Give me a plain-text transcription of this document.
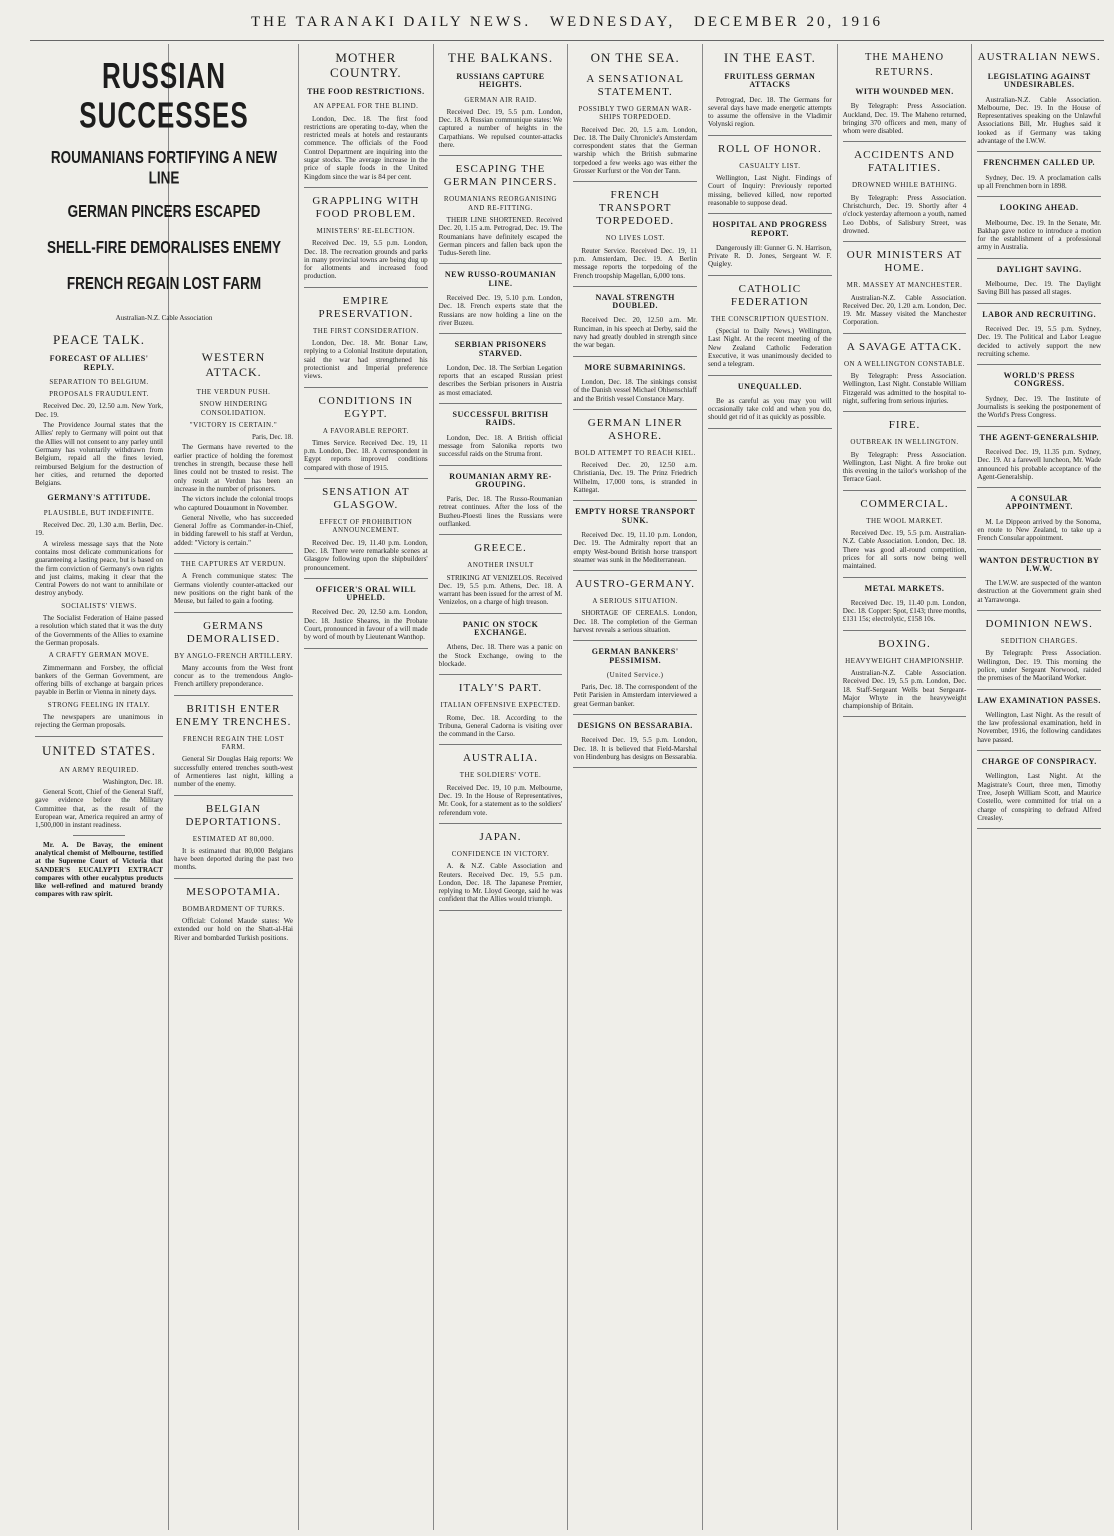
THE TARANAKI DAILY NEWS. WEDNESDAY, DECEMBER 20, 1916
RUSSIAN SUCCESSES
ROUMANIANS FORTIFYING A NEW LINE
GERMAN PINCERS ESCAPED
SHELL-FIRE DEMORALISES ENEMY
FRENCH REGAIN LOST FARM
Australian-N.Z. Cable Association
PEACE TALK.
FORECAST OF ALLIES' REPLY.
SEPARATION TO BELGIUM.
PROPOSALS FRAUDULENT.

Received Dec. 20, 12.50 a.m. New York, Dec. 19.

The Providence Journal states that the Allies' reply to Germany will point out that the Allies will not consent to any parley until Germany has voluntarily withdrawn from Belgium, repaid all the fines levied, reimbursed Belgium for the destruction of her cities, and returned the deported Belgians.

GERMANY'S ATTITUDE.
PLAUSIBLE, BUT INDEFINITE.

Received Dec. 20, 1.30 a.m. Berlin, Dec. 19.

A wireless message says that the Note contains most delicate communications for guaranteeing a lasting peace, but is based on the firm conviction of Germany's own rights and just claims, making it clear that the Central Powers do not want to annihilate or destroy anybody.

SOCIALISTS' VIEWS.

The Socialist Federation of Haine passed a resolution which stated that it was the duty of the Governments of the Allies to examine the German proposals.

A CRAFTY GERMAN MOVE.

Zimmermann and Forsbey, the official bankers of the German Government, are offering bills of exchange at bargain prices payable in Berlin or Vienna in ninety days.

STRONG FEELING IN ITALY.

The newspapers are unanimous in rejecting the German proposals.

UNITED STATES.
AN ARMY REQUIRED.

Washington, Dec. 18.

General Scott, Chief of the General Staff, gave evidence before the Military Committee that, as the result of the European war, America required an army of 1,500,000 in instant readiness.

Mr. A. De Bavay, the eminent analytical chemist of Melbourne, testified at the Supreme Court of Victoria that SANDER'S EUCALYPTI EXTRACT compares with other eucalyptus products like well-refined and matured brandy compares with raw spirit.

WESTERN ATTACK.
THE VERDUN PUSH.
SNOW HINDERING CONSOLIDATION.
"VICTORY IS CERTAIN."

Paris, Dec. 18.

The Germans have reverted to the earlier practice of holding the foremost trenches in strength, because these hell lines could not be trusted to resist. The only result at Verdun has been an increase in the number of prisoners.

The victors include the colonial troops who captured Douaumont in November.

General Nivelle, who has succeeded General Joffre as Commander-in-Chief, in bidding farewell to his staff at Verdun, added: "Victory is certain."

THE CAPTURES AT VERDUN.

A French communique states: The Germans violently counter-attacked our new positions on the right bank of the Meuse, but failed to gain a footing.

GERMANS DEMORALISED.
BY ANGLO-FRENCH ARTILLERY.

Many accounts from the West front concur as to the tremendous Anglo-French artillery preponderance.

BRITISH ENTER ENEMY TRENCHES.
FRENCH REGAIN THE LOST FARM.

General Sir Douglas Haig reports: We successfully entered trenches south-west of Armentieres last night, killing a number of the enemy.

BELGIAN DEPORTATIONS.
ESTIMATED AT 80,000.

It is estimated that 80,000 Belgians have been deported during the past two months.

MESOPOTAMIA.
BOMBARDMENT OF TURKS.

Official: Colonel Maude states: We extended our hold on the Shatt-al-Hai River and bombarded Turkish positions.

MOTHER COUNTRY.
THE FOOD RESTRICTIONS.
AN APPEAL FOR THE BLIND.

London, Dec. 18. The first food restrictions are operating to-day, when the restricted meals at hotels and restaurants commence. The officials of the Food Control Department are inquiring into the sugar stocks. The average increase in the price of staple foods in the United Kingdom since the war is 84 per cent.

GRAPPLING WITH FOOD PROBLEM.
MINISTERS' RE-ELECTION.

Received Dec. 19, 5.5 p.m. London, Dec. 18. The recreation grounds and parks in many provincial towns are being dug up for allotments and increased food production.

EMPIRE PRESERVATION.
THE FIRST CONSIDERATION.

London, Dec. 18. Mr. Bonar Law, replying to a Colonial Institute deputation, said the war had strengthened his protectionist and Imperial preference views.

CONDITIONS IN EGYPT.
A FAVORABLE REPORT.

Times Service. Received Dec. 19, 11 p.m. London, Dec. 18. A correspondent in Egypt reports improved conditions compared with those of 1915.

SENSATION AT GLASGOW.
EFFECT OF PROHIBITION ANNOUNCEMENT.

Received Dec. 19, 11.40 p.m. London, Dec. 18. There were remarkable scenes at Glasgow following upon the shipbuilders' pronouncement.

OFFICER'S ORAL WILL UPHELD.

Received Dec. 20, 12.50 a.m. London, Dec. 18. Justice Sheares, in the Probate Court, pronounced in favour of a will made by word of mouth by Lieutenant Wanthop.

THE BALKANS.
RUSSIANS CAPTURE HEIGHTS.
GERMAN AIR RAID.

Received Dec. 19, 5.5 p.m. London, Dec. 18. A Russian communique states: We captured a number of heights in the Carpathians. We repulsed counter-attacks there.

ESCAPING THE GERMAN PINCERS.
ROUMANIANS REORGANISING AND RE-FITTING.

THEIR LINE SHORTENED. Received Dec. 20, 1.15 a.m. Petrograd, Dec. 19. The Roumanians have definitely escaped the German pincers and fallen back upon the Tudus-Sereth line.

NEW RUSSO-ROUMANIAN LINE.

Received Dec. 19, 5.10 p.m. London, Dec. 18. French experts state that the Russians are now holding a line on the river Buzeu.

SERBIAN PRISONERS STARVED.

London, Dec. 18. The Serbian Legation reports that an escaped Russian priest describes the Serbian prisoners in Austria as most emaciated.

SUCCESSFUL BRITISH RAIDS.

London, Dec. 18. A British official message from Salonika reports two successful raids on the Struma front.

ROUMANIAN ARMY RE-GROUPING.

Paris, Dec. 18. The Russo-Roumanian retreat continues. After the loss of the Buzheu-Ploesti lines the Russians were outflanked.

GREECE.
ANOTHER INSULT

STRIKING AT VENIZELOS. Received Dec. 19, 5.5 p.m. Athens, Dec. 18. A warrant has been issued for the arrest of M. Venizelos, on a charge of high treason.

PANIC ON STOCK EXCHANGE.

Athens, Dec. 18. There was a panic on the Stock Exchange, owing to the blockade.

ITALY'S PART.
ITALIAN OFFENSIVE EXPECTED.

Rome, Dec. 18. According to the Tribuna, General Cadorna is visiting over the command in the Carso.

AUSTRALIA.
THE SOLDIERS' VOTE.

Received Dec. 19, 10 p.m. Melbourne, Dec. 19. In the House of Representatives, Mr. Cook, for a statement as to the soldiers' referendum vote.

JAPAN.
CONFIDENCE IN VICTORY.

A. & N.Z. Cable Association and Reuters. Received Dec. 19, 5.5 p.m. London, Dec. 18. The Japanese Premier, replying to Mr. Lloyd George, said he was confident that the Allies would triumph.

ON THE SEA.
A SENSATIONAL STATEMENT.
POSSIBLY TWO GERMAN WAR-SHIPS TORPEDOED.

Received Dec. 20, 1.5 a.m. London, Dec. 18. The Daily Chronicle's Amsterdam correspondent states that the German warship which the British submarine torpedoed a few weeks ago was either the Grosser Kurfurst or the Von der Tann.

FRENCH TRANSPORT TORPEDOED.
NO LIVES LOST.

Reuter Service. Received Dec. 19, 11 p.m. Amsterdam, Dec. 19. A Berlin message reports the torpedoing of the French troopship Magellan, 6,000 tons.

NAVAL STRENGTH DOUBLED.

Received Dec. 20, 12.50 a.m. Mr. Runciman, in his speech at Derby, said the navy had greatly doubled in strength since the war began.

MORE SUBMARININGS.

London, Dec. 18. The sinkings consist of the Danish vessel Michael Ohlsenschlaff and the British vessel Constance Mary.

GERMAN LINER ASHORE.
BOLD ATTEMPT TO REACH KIEL.

Received Dec. 20, 12.50 a.m. Christiania, Dec. 19. The Prinz Friedrich Wilhelm, 17,000 tons, is stranded in Kattegat.

EMPTY HORSE TRANSPORT SUNK.

Received Dec. 19, 11.10 p.m. London, Dec. 19. The Admiralty report that an empty West-bound British horse transport steamer was sunk in the Mediterranean.

AUSTRO-GERMANY.
A SERIOUS SITUATION.

SHORTAGE OF CEREALS. London, Dec. 18. The completion of the German harvest reveals a serious situation.

GERMAN BANKERS' PESSIMISM.
(United Service.)

Paris, Dec. 18. The correspondent of the Petit Parisien in Amsterdam interviewed a great German banker.

DESIGNS ON BESSARABIA.

Received Dec. 19, 5.5 p.m. London, Dec. 18. It is believed that Field-Marshal von Hindenburg has designs on Bessarabia.

IN THE EAST.
FRUITLESS GERMAN ATTACKS

Petrograd, Dec. 18. The Germans for several days have made energetic attempts to assume the offensive in the Vladimir Volynski region.

ROLL OF HONOR.
CASUALTY LIST.

Wellington, Last Night. Findings of Court of Inquiry: Previously reported missing, believed killed, now reported reasonable to suppose dead.

HOSPITAL AND PROGRESS REPORT.

Dangerously ill: Gunner G. N. Harrison, Private R. D. Jones, Sergeant W. F. Quigley.

CATHOLIC FEDERATION
THE CONSCRIPTION QUESTION.

(Special to Daily News.) Wellington, Last Night. At the recent meeting of the New Zealand Catholic Federation Executive, it was unanimously decided to send a telegram.

UNEQUALLED.

Be as careful as you may you will occasionally take cold and when you do, should get rid of it as quickly as possible.

THE MAHENO RETURNS.
WITH WOUNDED MEN.

By Telegraph: Press Association. Auckland, Dec. 19. The Maheno returned, bringing 370 officers and men, many of whom were disabled.

ACCIDENTS AND FATALITIES.
DROWNED WHILE BATHING.

By Telegraph: Press Association. Christchurch, Dec. 19. Shortly after 4 o'clock yesterday afternoon a youth, named Leo Dobbs, of Salisbury Street, was drowned.

OUR MINISTERS AT HOME.
MR. MASSEY AT MANCHESTER.

Australian-N.Z. Cable Association. Received Dec. 20, 1.20 a.m. London, Dec. 19. Mr. Massey visited the Manchester Corporation.

A SAVAGE ATTACK.
ON A WELLINGTON CONSTABLE.

By Telegraph: Press Association. Wellington, Last Night. Constable William Fitzgerald was admitted to the hospital to-night, suffering from serious injuries.

FIRE.
OUTBREAK IN WELLINGTON.

By Telegraph: Press Association. Wellington, Last Night. A fire broke out this evening in the tailor's workshop of the Terrace Gaol.

COMMERCIAL.
THE WOOL MARKET.

Received Dec. 19, 5.5 p.m. Australian-N.Z. Cable Association. London, Dec. 18. There was good all-round competition, prices for all sorts now being well maintained.

METAL MARKETS.

Received Dec. 19, 11.40 p.m. London, Dec. 18. Copper: Spot, £143; three months, £131 15s; electrolytic, £158 10s.

BOXING.
HEAVYWEIGHT CHAMPIONSHIP.

Australian-N.Z. Cable Association. Received Dec. 19, 5.5 p.m. London, Dec. 18. Staff-Sergeant Wells beat Sergeant-Major Whyte in the heavyweight championship of Britain.

AUSTRALIAN NEWS.
LEGISLATING AGAINST UNDESIRABLES.

Australian-N.Z. Cable Association. Melbourne, Dec. 19. In the House of Representatives speaking on the Unlawful Associations Bill, Mr. Hughes said it looked as if Germany was taking advantage of the I.W.W.

FRENCHMEN CALLED UP.

Sydney, Dec. 19. A proclamation calls up all Frenchmen born in 1898.

LOOKING AHEAD.

Melbourne, Dec. 19. In the Senate, Mr. Bakhap gave notice to introduce a motion for the establishment of a professional army in Australia.

DAYLIGHT SAVING.

Melbourne, Dec. 19. The Daylight Saving Bill has passed all stages.

LABOR AND RECRUITING.

Received Dec. 19, 5.5 p.m. Sydney, Dec. 19. The Political and Labor League decided to actively support the new recruiting scheme.

WORLD'S PRESS CONGRESS.

Sydney, Dec. 19. The Institute of Journalists is seeking the postponement of the World's Press Congress.

THE AGENT-GENERALSHIP.

Received Dec. 19, 11.35 p.m. Sydney, Dec. 19. At a farewell luncheon, Mr. Wade announced his probable acceptance of the Agent-Generalship.

A CONSULAR APPOINTMENT.

M. Le Dippeon arrived by the Sonoma, en route to New Zealand, to take up a French Consular appointment.

WANTON DESTRUCTION BY I.W.W.

The I.W.W. are suspected of the wanton destruction at the Government grain shed at Yarrawonga.

DOMINION NEWS.
SEDITION CHARGES.

By Telegraph: Press Association. Wellington, Dec. 19. This morning the police, under Sergeant Norwood, raided the premises of the Maoriland Worker.

LAW EXAMINATION PASSES.

Wellington, Last Night. As the result of the law professional examination, held in November, 1916, the following candidates have passed.

CHARGE OF CONSPIRACY.

Wellington, Last Night. At the Magistrate's Court, three men, Timothy Tree, Joseph William Scott, and Maurice Costello, were committed for trial on a charge of conspiring to defraud Alfred Creasley.
